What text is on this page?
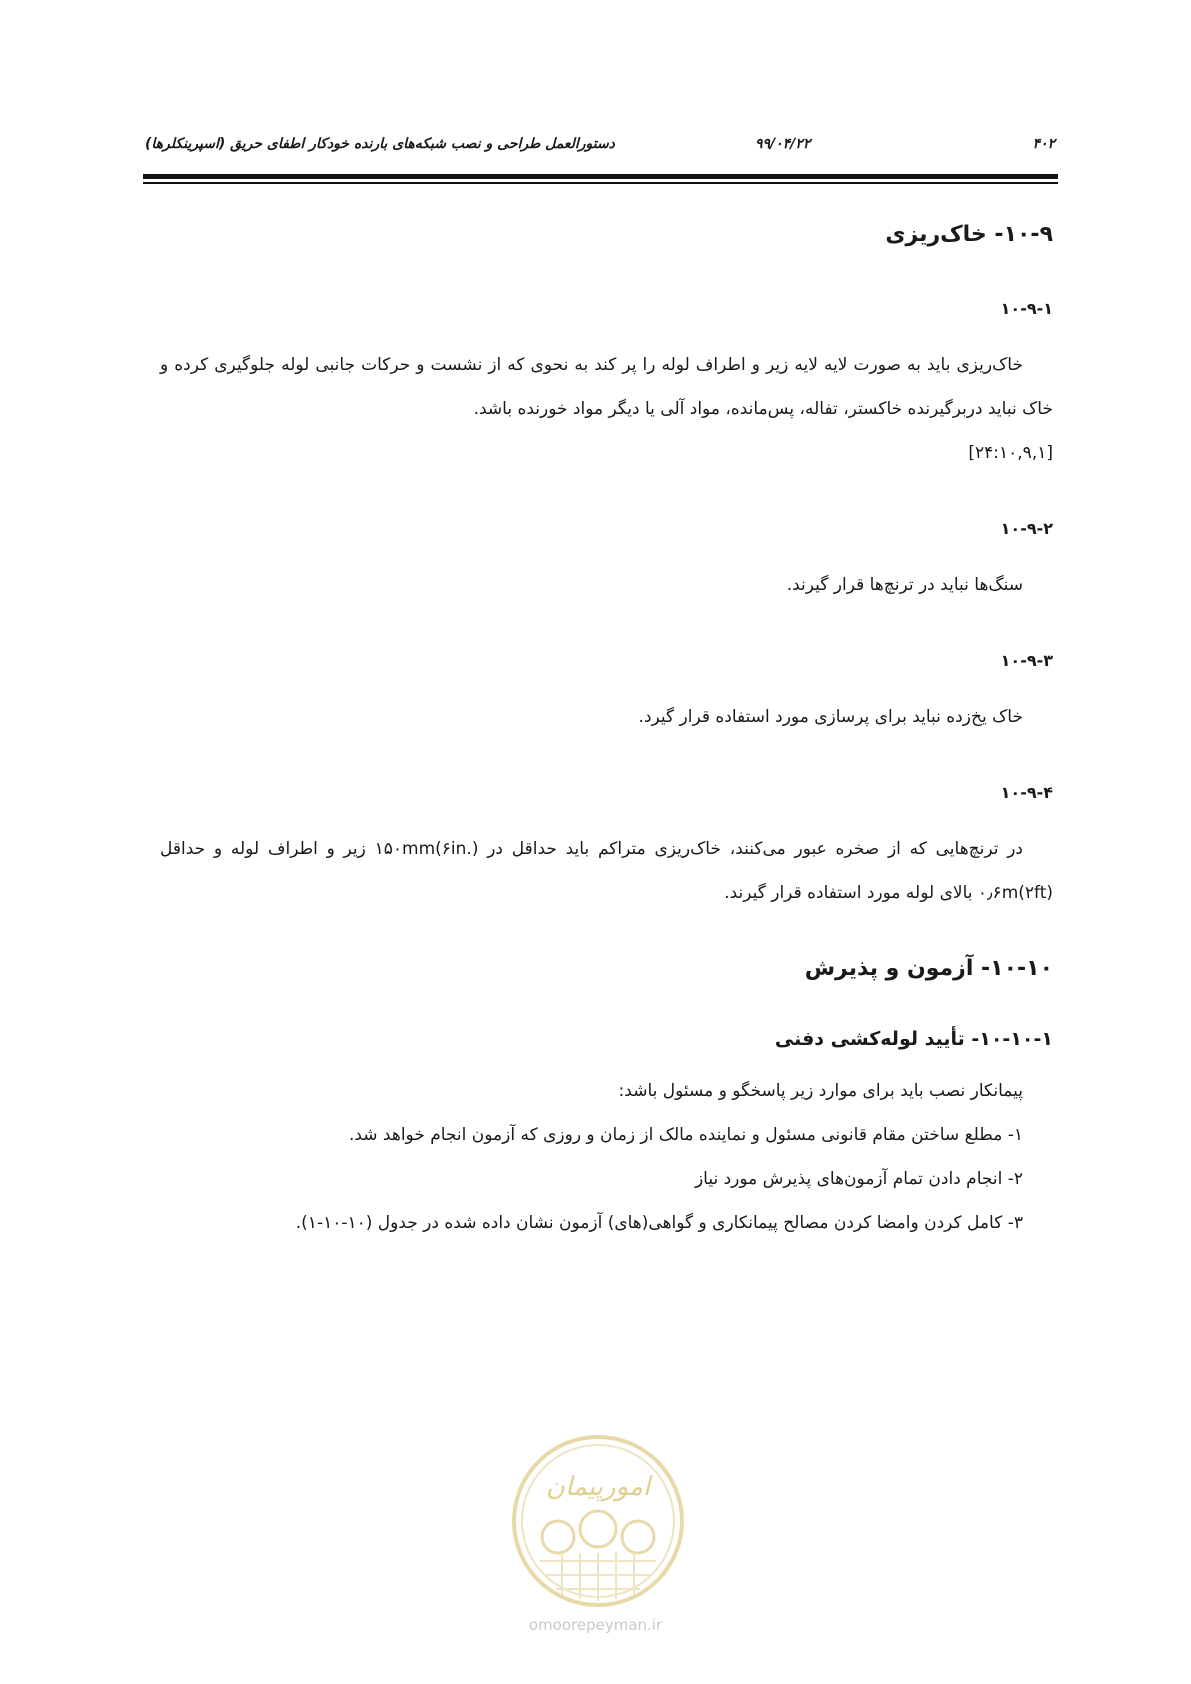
۴۰۲
۹۹/۰۴/۲۲
دستورالعمل طراحی و نصب شبکه‌های بارنده خودکار اطفای حریق (اسپرینکلرها)
۱۰-۹- خاک‌ریزی
۱۰-۹-۱

خاک‌ریزی باید به صورت لایه لایه زیر و اطراف لوله را پر کند به نحوی که از نشست و حرکات جانبی لوله جلوگیری کرده و خاک نباید دربرگیرنده خاکستر، تفاله، پس‌مانده، مواد آلی یا دیگر مواد خورنده باشد.
[۲۴:۱۰,۹,۱]

۱۰-۹-۲

سنگ‌ها نباید در ترنچ‌ها قرار گیرند.

۱۰-۹-۳

خاک یخ‌زده نباید برای پرسازی مورد استفاده قرار گیرد.

۱۰-۹-۴

در ترنچ‌هایی که از صخره عبور می‌کنند، خاک‌ریزی متراکم باید حداقل در ۱۵۰mm(۶in.) زیر و اطراف لوله و حداقل ۰٫۶m(۲ft) بالای لوله مورد استفاده قرار گیرند.

۱۰-۱۰- آزمون و پذیرش
۱۰-۱۰-۱- تأیید لوله‌کشی دفنی

پیمانکار نصب باید برای موارد زیر پاسخگو و مسئول باشد:

۱- مطلع ساختن مقام قانونی مسئول و نماینده مالک از زمان و روزی که آزمون انجام خواهد شد.

۲- انجام دادن تمام آزمون‌های پذیرش مورد نیاز

۳- کامل کردن وامضا کردن مصالح پیمانکاری و گواهی(های) آزمون نشان داده شده در جدول (۱۰-۱۰-۱).

امورپیمان
omoorepeyman.ir
